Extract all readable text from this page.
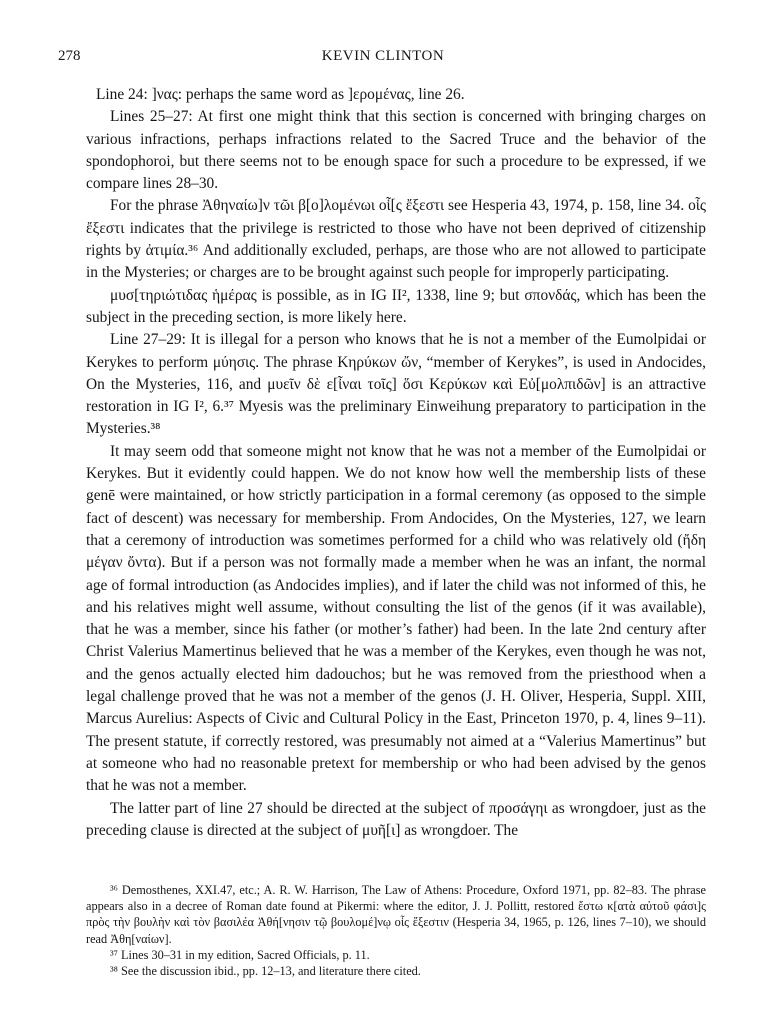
278	KEVIN CLINTON

Line 24: ]νας: perhaps the same word as ]ερομένας, line 26.

Lines 25–27: At first one might think that this section is concerned with bringing charges on various infractions, perhaps infractions related to the Sacred Truce and the behavior of the spondophoroi, but there seems not to be enough space for such a procedure to be expressed, if we compare lines 28–30.

For the phrase Ἀθηναίω]ν τῶι β[ο]λομένωι οἷ[ς ἔξεστι see Hesperia 43, 1974, p. 158, line 34. οἷς ἔξεστι indicates that the privilege is restricted to those who have not been deprived of citizenship rights by ἀτιμία.³⁶ And additionally excluded, perhaps, are those who are not allowed to participate in the Mysteries; or charges are to be brought against such people for improperly participating.

μυσ[τηριώτιδας ἡμέρας is possible, as in IG II², 1338, line 9; but σπονδάς, which has been the subject in the preceding section, is more likely here.

Line 27–29: It is illegal for a person who knows that he is not a member of the Eumolpidai or Kerykes to perform μύησις. The phrase Κηρύκων ὤν, “member of Kerykes”, is used in Andocides, On the Mysteries, 116, and μυεῖν δὲ ε[ἶναι τοῖς] ὅσι Κερύκων καὶ Εὐ[μολπιδῶν] is an attractive restoration in IG I², 6.³⁷ Myesis was the preliminary Einweihung preparatory to participation in the Mysteries.³⁸

It may seem odd that someone might not know that he was not a member of the Eumolpidai or Kerykes. But it evidently could happen. We do not know how well the membership lists of these genē were maintained, or how strictly participation in a formal ceremony (as opposed to the simple fact of descent) was necessary for membership. From Andocides, On the Mysteries, 127, we learn that a ceremony of introduction was sometimes performed for a child who was relatively old (ἤδη μέγαν ὄντα). But if a person was not formally made a member when he was an infant, the normal age of formal introduction (as Andocides implies), and if later the child was not informed of this, he and his relatives might well assume, without consulting the list of the genos (if it was available), that he was a member, since his father (or mother’s father) had been. In the late 2nd century after Christ Valerius Mamertinus believed that he was a member of the Kerykes, even though he was not, and the genos actually elected him dadouchos; but he was removed from the priesthood when a legal challenge proved that he was not a member of the genos (J. H. Oliver, Hesperia, Suppl. XIII, Marcus Aurelius: Aspects of Civic and Cultural Policy in the East, Princeton 1970, p. 4, lines 9–11). The present statute, if correctly restored, was presumably not aimed at a “Valerius Mamertinus” but at someone who had no reasonable pretext for membership or who had been advised by the genos that he was not a member.

The latter part of line 27 should be directed at the subject of προσάγηι as wrongdoer, just as the preceding clause is directed at the subject of μυῆ[ι] as wrongdoer. The

³⁶ Demosthenes, XXI.47, etc.; A. R. W. Harrison, The Law of Athens: Procedure, Oxford 1971, pp. 82–83. The phrase appears also in a decree of Roman date found at Pikermi: where the editor, J. J. Pollitt, restored ἔστω κ[ατὰ αὐτοῦ φάσι]ς πρὸς τὴν βουλὴν καὶ τὸν βασιλέα Ἀθή[νησιν τῷ βουλομέ]νῳ οἷς ἔξεστιν (Hesperia 34, 1965, p. 126, lines 7–10), we should read Ἀθη[ναίων].

³⁷ Lines 30–31 in my edition, Sacred Officials, p. 11.

³⁸ See the discussion ibid., pp. 12–13, and literature there cited.
